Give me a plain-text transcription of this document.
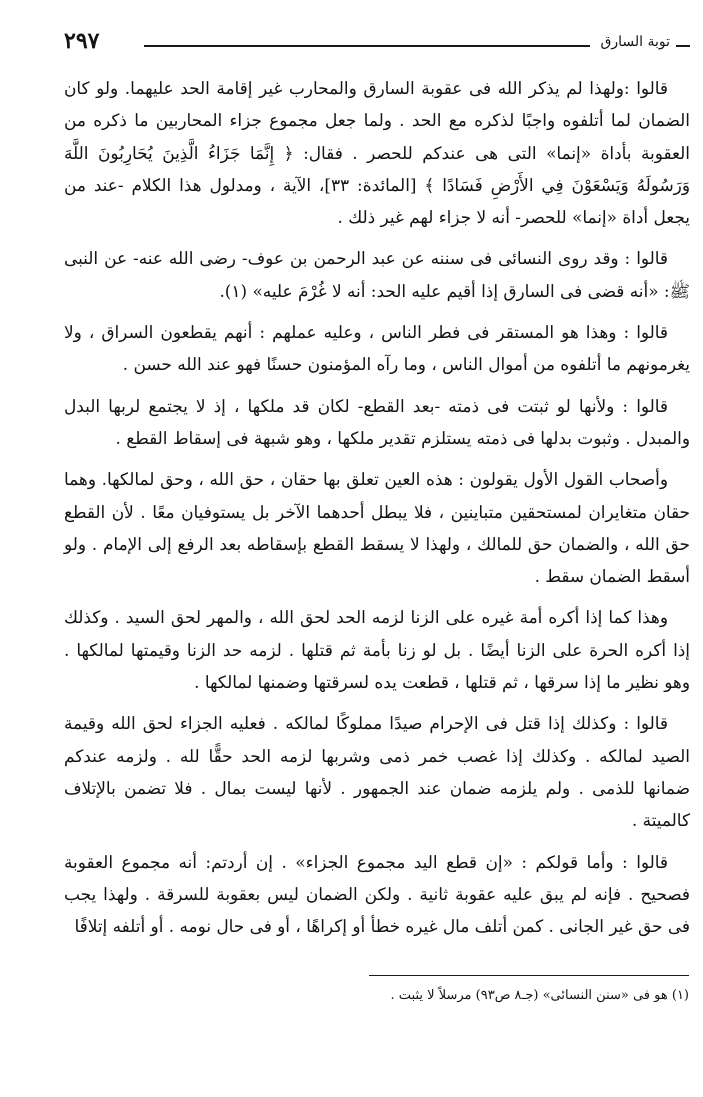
٢٩٧	توبة السارق

قالوا :ولهذا لم يذكر الله فى عقوبة السارق والمحارب غير إقامة الحد عليهما. ولو كان الضمان لما أتلفوه واجبًا لذكره مع الحد . ولما جعل مجموع جزاء المحاربين ما ذكره من العقوبة بأداة «إنما» التى هى عندكم للحصر . فقال: ﴿ إِنَّمَا جَزَاءُ الَّذِينَ يُحَارِبُونَ اللَّهَ وَرَسُولَهُ وَيَسْعَوْنَ فِي الأَرْضِ فَسَادًا ﴾ [المائدة: ٣٣]، الآية ، ومدلول هذا الكلام -عند من يجعل أداة «إنما» للحصر- أنه لا جزاء لهم غير ذلك .

قالوا : وقد روى النسائى فى سننه عن عبد الرحمن بن عوف- رضى الله عنه- عن النبى ﷺ: «أنه قضى فى السارق إذا أقيم عليه الحد: أنه لا غُرْمَ عليه» (١).

قالوا : وهذا هو المستقر فى فطر الناس ، وعليه عملهم : أنهم يقطعون السراق ، ولا يغرمونهم ما أتلفوه من أموال الناس ، وما رآه المؤمنون حسنًا فهو عند الله حسن .

قالوا : ولأنها لو ثبتت فى ذمته -بعد القطع- لكان قد ملكها ، إذ لا يجتمع لربها البدل والمبدل . وثبوت بدلها فى ذمته يستلزم تقدير ملكها ، وهو شبهة فى إسقاط القطع .

وأصحاب القول الأول يقولون : هذه العين تعلق بها حقان ، حق الله ، وحق لمالكها. وهما حقان متغايران لمستحقين متباينين ، فلا يبطل أحدهما الآخر بل يستوفيان معًا . لأن القطع حق الله ، والضمان حق للمالك ، ولهذا لا يسقط القطع بإسقاطه بعد الرفع إلى الإمام . ولو أسقط الضمان سقط .

وهذا كما إذا أكره أمة غيره على الزنا لزمه الحد لحق الله ، والمهر لحق السيد . وكذلك إذا أكره الحرة على الزنا أيضًا . بل لو زنا بأمة ثم قتلها . لزمه حد الزنا وقيمتها لمالكها . وهو نظير ما إذا سرقها ، ثم قتلها ، قطعت يده لسرقتها وضمنها لمالكها .

قالوا : وكذلك إذا قتل فى الإحرام صيدًا مملوكًا لمالكه . فعليه الجزاء لحق الله وقيمة الصيد لمالكه . وكذلك إذا غصب خمر ذمى وشربها لزمه الحد حقًّا لله . ولزمه عندكم ضمانها للذمى . ولم يلزمه ضمان عند الجمهور . لأنها ليست بمال . فلا تضمن بالإتلاف كالميتة .

قالوا : وأما قولكم : «إن قطع اليد مجموع الجزاء» . إن أردتم: أنه مجموع العقوبة فصحيح . فإنه لم يبق عليه عقوبة ثانية . ولكن الضمان ليس بعقوبة للسرقة . ولهذا يجب فى حق غير الجانى . كمن أتلف مال غيره خطأ أو إكراهًا ، أو فى حال نومه . أو أتلفه إتلافًا

(١) هو فى «سنن النسائى» (جـ٨ ص٩٣) مرسلاً لا يثبت .
